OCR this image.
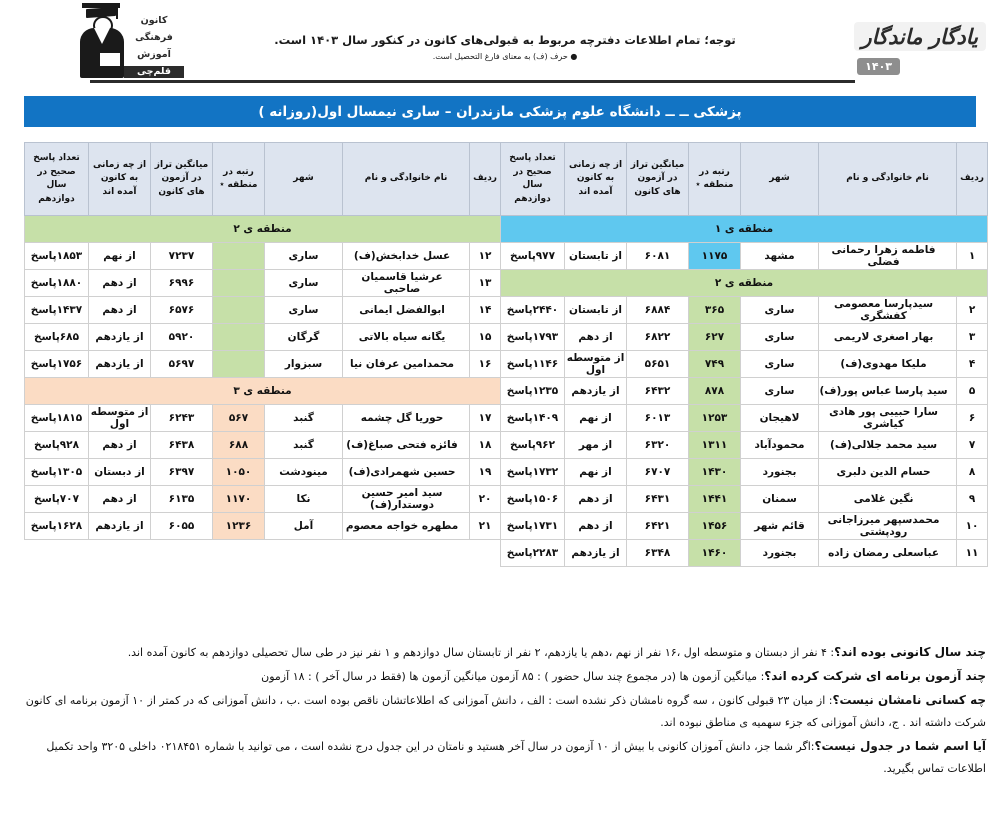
کانون
فرهنگی
آموزش
قلم‌چی
توجه؛ تمام اطلاعات دفترچه مربوط به قبولی‌های کانون در کنکور سال ۱۴۰۳ است.
● حرف (ف) به معنای فارغ التحصیل است.
یادگار ماندگار
۱۴۰۳
پزشکی ــ ــ دانشگاه علوم پزشکی مازندران – ساری نیمسال اول(روزانه )
ردیف	نام خانوادگی و نام	شهر	رتبه در منطقه ٭	میانگین تراز در آزمون های کانون	از چه زمانی به کانون آمده اند	تعداد پاسخ صحیح در سال دوازدهم
منطقه ی ۱						
۱	فاطمه زهرا رحمانی فضلی	مشهد	۱۱۷۵	۶۰۸۱	از تابستان	۹۷۷پاسخ
منطقه ی ۲						
۲	سیدپارسا معصومی کفشگری	ساری	۳۶۵	۶۸۸۴	از تابستان	۲۴۴۰پاسخ
۳	بهار اصغری لاریمی	ساری	۶۲۷	۶۸۲۲	از دهم	۱۷۹۳پاسخ
۴	ملیکا مهدوی(ف)	ساری	۷۴۹	۵۶۵۱	از متوسطه اول	۱۱۴۶پاسخ
۵	سید پارسا عباس پور(ف)	ساری	۸۷۸	۶۴۳۲	از یازدهم	۱۲۳۵پاسخ
۶	سارا حبیبی پور هادی کیاشری	لاهیجان	۱۲۵۳	۶۰۱۳	از نهم	۱۴۰۹پاسخ
۷	سید محمد جلالی(ف)	محمودآباد	۱۳۱۱	۶۳۲۰	از مهر	۹۶۲پاسخ
۸	حسام الدین دلبری	بجنورد	۱۴۳۰	۶۷۰۷	از نهم	۱۷۳۲پاسخ
۹	نگین غلامی	سمنان	۱۴۴۱	۶۴۳۱	از دهم	۱۵۰۶پاسخ
۱۰	محمدسپهر میرزاجانی رودپشتی	قائم شهر	۱۴۵۶	۶۴۲۱	از دهم	۱۷۳۱پاسخ
۱۱	عباسعلی رمضان زاده	بجنورد	۱۴۶۰	۶۳۴۸	از یازدهم	۲۲۸۳پاسخ
ردیف	نام خانوادگی و نام	شهر	رتبه در منطقه ٭	میانگین تراز در آزمون های کانون	از چه زمانی به کانون آمده اند	تعداد پاسخ صحیح در سال دوازدهم
منطقه ی ۲						
۱۲	عسل خدابخش(ف)	ساری		۷۲۳۷	از نهم	۱۸۵۳پاسخ
۱۳	عرشیا قاسمیان صاحبی	ساری		۶۹۹۶	از دهم	۱۸۸۰پاسخ
۱۴	ابوالفضل ایمانی	ساری		۶۵۷۶	از دهم	۱۴۳۷پاسخ
۱۵	یگانه سیاه بالاتی	گرگان		۵۹۲۰	از یازدهم	۶۸۵پاسخ
۱۶	محمدامین عرفان نیا	سبزوار		۵۶۹۷	از یازدهم	۱۷۵۶پاسخ
منطقه ی ۳						
۱۷	حوریا گل چشمه	گنبد	۵۶۷	۶۲۴۳	از متوسطه اول	۱۸۱۵پاسخ
۱۸	فائزه فتحی صباغ(ف)	گنبد	۶۸۸	۶۴۳۸	از دهم	۹۲۸پاسخ
۱۹	حسین شهمرادی(ف)	مینودشت	۱۰۵۰	۶۳۹۷	از دبستان	۱۳۰۵پاسخ
۲۰	سید امیر حسین دوستدار(ف)	نکا	۱۱۷۰	۶۱۳۵	از دهم	۷۰۷پاسخ
۲۱	مطهره خواجه معصوم	آمل	۱۲۳۶	۶۰۵۵	از یازدهم	۱۶۲۸پاسخ
چند سال کانونی بوده اند؟: ۴ نفر از دبستان و متوسطه اول ،۱۶ نفر از نهم ،دهم یا یازدهم، ۲ نفر از تابستان سال دوازدهم و ۱ نفر نیز در طی سال تحصیلی دوازدهم به کانون آمده اند.
چند آزمون برنامه ای شرکت کرده اند؟: میانگین آزمون ها (در مجموع چند سال حضور ) : ۸۵ آزمون میانگین آزمون ها (فقط در سال آخر ) : ۱۸ آزمون
چه کسانی نامشان نیست؟: از میان ۲۳ قبولی کانون ، سه گروه نامشان ذکر نشده است : الف ، دانش آموزانی که اطلاعاتشان ناقص بوده است .ب ، دانش آموزانی که در کمتر از ۱۰ آزمون برنامه ای کانون شرکت داشته اند . ج، دانش آموزانی که جزء سهمیه ی مناطق نبوده اند.
آیا اسم شما در جدول نیست؟:اگر شما جز، دانش آموزان کانونی با بیش از ۱۰ آزمون در سال آخر هستید و نامتان در این جدول درج نشده است ، می توانید با شماره ۰۲۱۸۴۵۱ داخلی ۳۲۰۵ واحد تکمیل اطلاعات تماس بگیرید.
